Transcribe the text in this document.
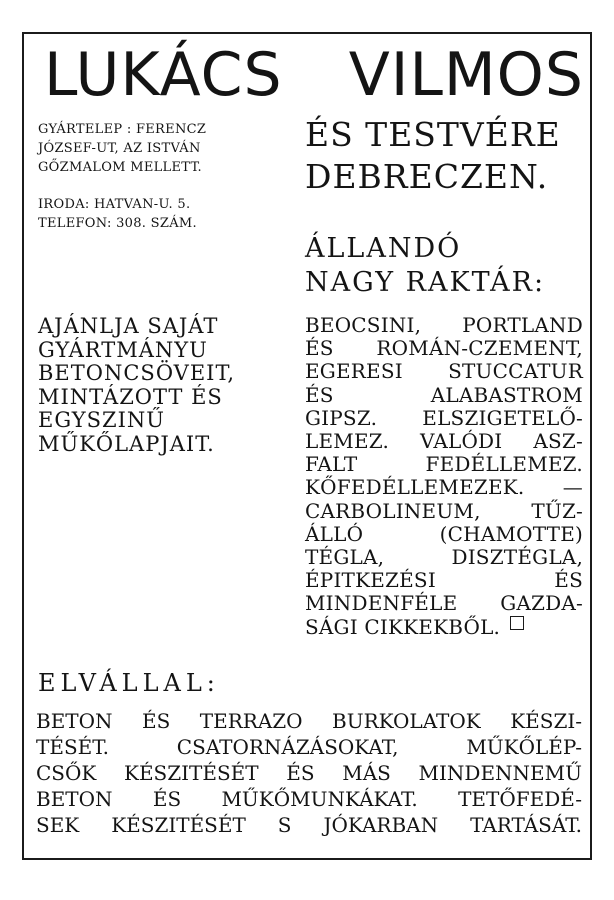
LUKÁCS VILMOS
GYÁRTELEP : FERENCZ
JÓZSEF-UT, AZ ISTVÁN
GŐZMALOM MELLETT.
IRODA: HATVAN-U. 5.
TELEFON: 308. SZÁM.
ÉS TESTVÉRE
DEBRECZEN.
ÁLLANDÓ
NAGY RAKTÁR:
AJÁNLJA SAJÁT
GYÁRTMÁNYU
BETONCSÖVEIT,
MINTÁZOTT ÉS
EGYSZINŰ
MŰKŐLAPJAIT.
BEOCSINI, PORTLAND
ÉS ROMÁN-CZEMENT,
EGERESI STUCCATUR
ÉS	ALABASTROM
GIPSZ. ELSZIGETELŐ-
LEMEZ. VALÓDI ASZ-
FALT	FEDÉLLEMEZ.
KŐFEDÉLLEMEZEK. —
CARBOLINEUM,	TŰZ-
ÁLLÓ	(CHAMOTTE)
TÉGLA,	DISZTÉGLA,
ÉPITKEZÉSI	ÉS
MINDENFÉLE GAZDA-
SÁGI CIKKEKBŐL.
ELVÁLLAL:
BETON ÉS TERRAZO BURKOLATOK KÉSZI-
TÉSÉT.	CSATORNÁZÁSOKAT,	MŰKŐLÉP-
CSŐK KÉSZITÉSÉT ÉS MÁS MINDENNEMŰ
BETON ÉS MŰKŐMUNKÁKAT. TETŐFEDÉ-
SEK KÉSZITÉSÉT S JÓKARBAN TARTÁSÁT.
